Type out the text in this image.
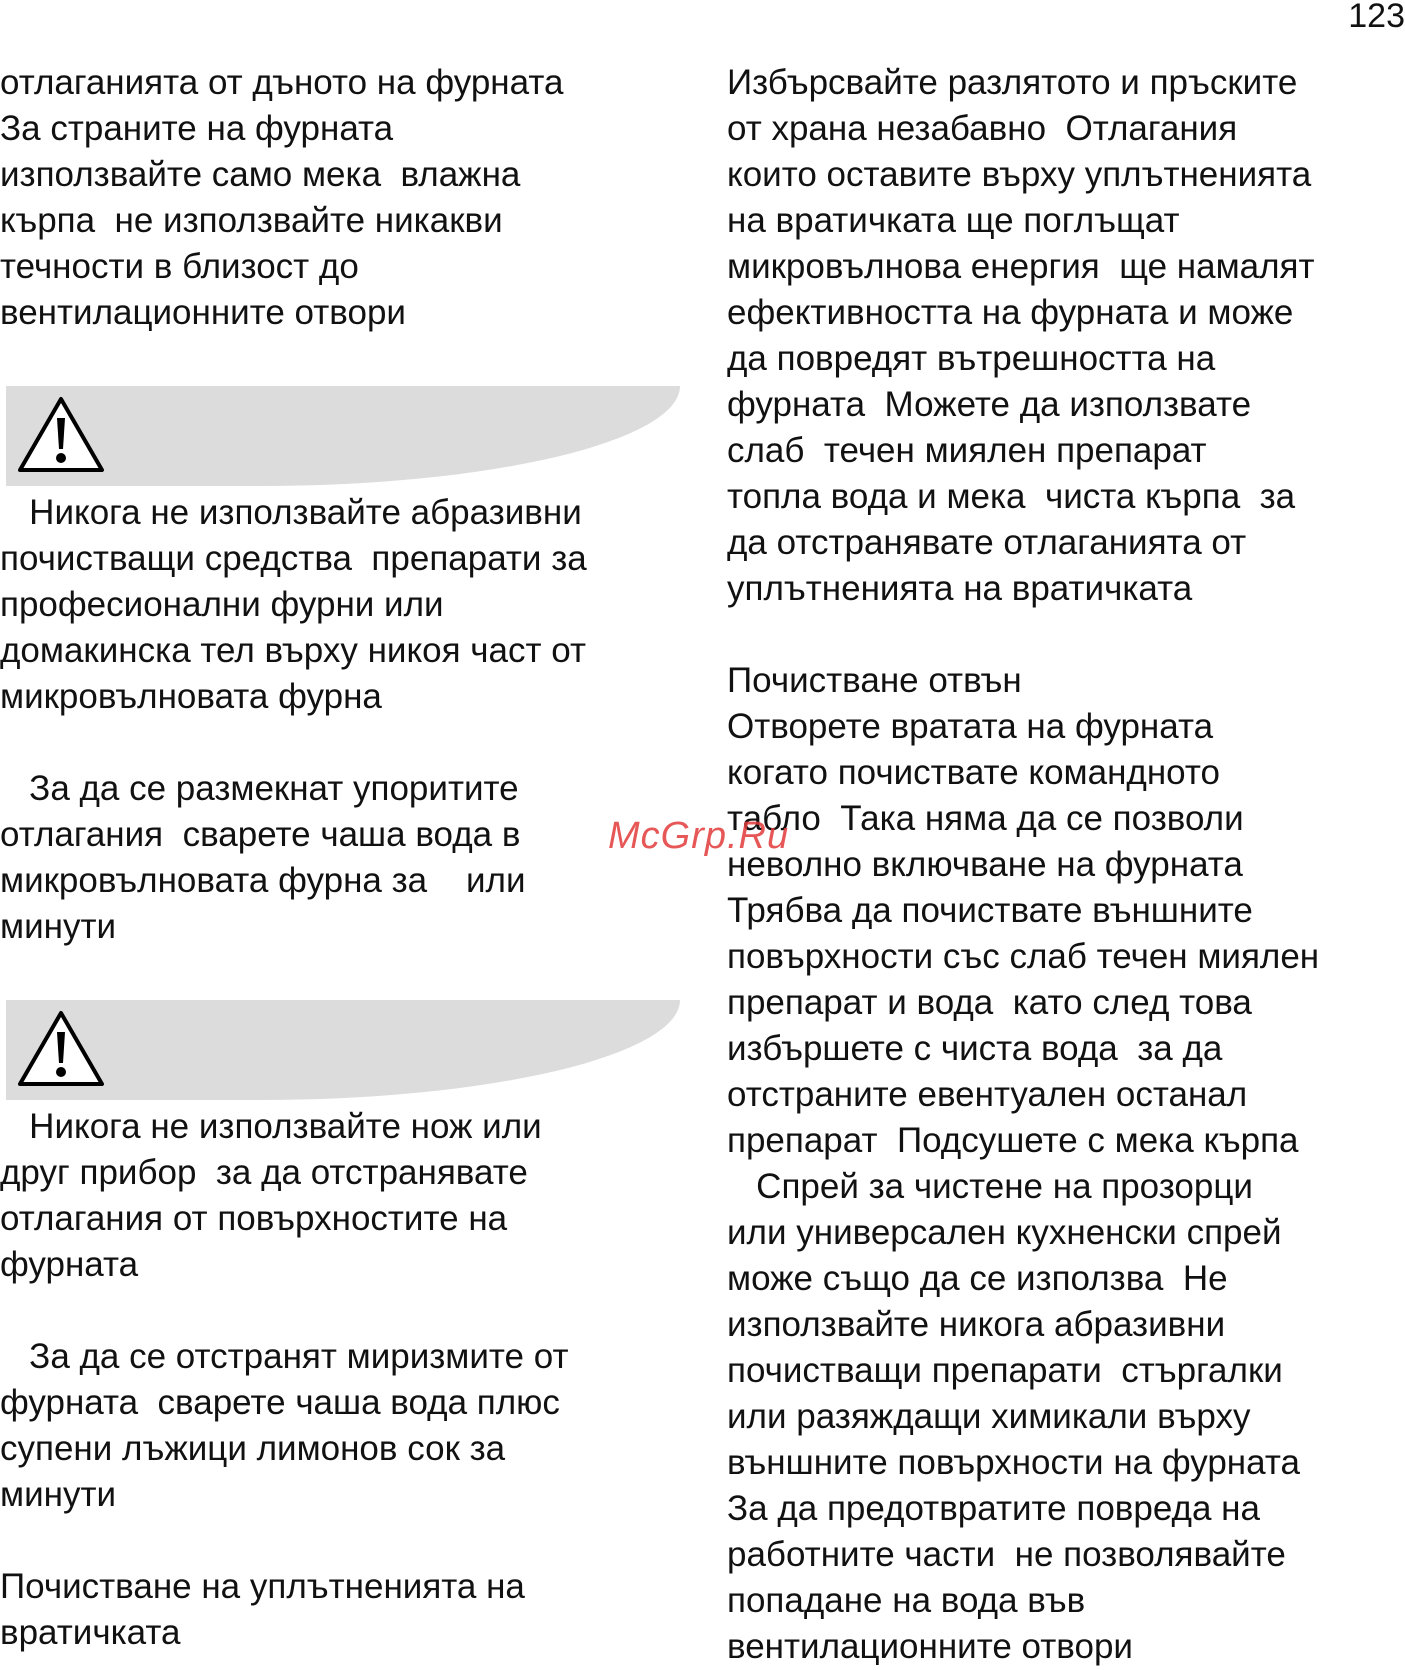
123
отлаганията от дъното на фурната
За страните на фурната
използвайте само мека  влажна
кърпа  не използвайте никакви
течности в близост до
вентилационните отвори
Никога не използвайте абразивни
почистващи средства  препарати за
професионални фурни или
домакинска тел върху никоя част от
микровълновата фурна
За да се размекнат упоритите
отлагания  сварете чаша вода в
микровълновата фурна за    или
минути
Никога не използвайте нож или
друг прибор  за да отстранявате
отлагания от повърхностите на
фурната
За да се отстранят миризмите от
фурната  сварете чаша вода плюс
супени лъжици лимонов сок за
минути
Почистване на уплътненията на
вратичката
Избърсвайте разлятото и пръските
от храна незабавно  Отлагания
които оставите върху уплътненията
на вратичката ще поглъщат
микровълнова енергия  ще намалят
ефективността на фурната и може
да повредят вътрешността на
фурната  Можете да използвате
слаб  течен миялен препарат
топла вода и мека  чиста кърпа  за
да отстранявате отлаганията от
уплътненията на вратичката
Почистване отвън
Отворете вратата на фурната
когато почиствате командното
табло  Така няма да се позволи
неволно включване на фурната
Трябва да почиствате външните
повърхности със слаб течен миялен
препарат и вода  като след това
избършете с чиста вода  за да
отстраните евентуален останал
препарат  Подсушете с мека кърпа
Спрей за чистене на прозорци
или универсален кухненски спрей
може също да се използва  Не
използвайте никога абразивни
почистващи препарати  стъргалки
или разяждащи химикали върху
външните повърхности на фурната
За да предотвратите повреда на
работните части  не позволявайте
попадане на вода във
вентилационните отвори
McGrp.Ru
